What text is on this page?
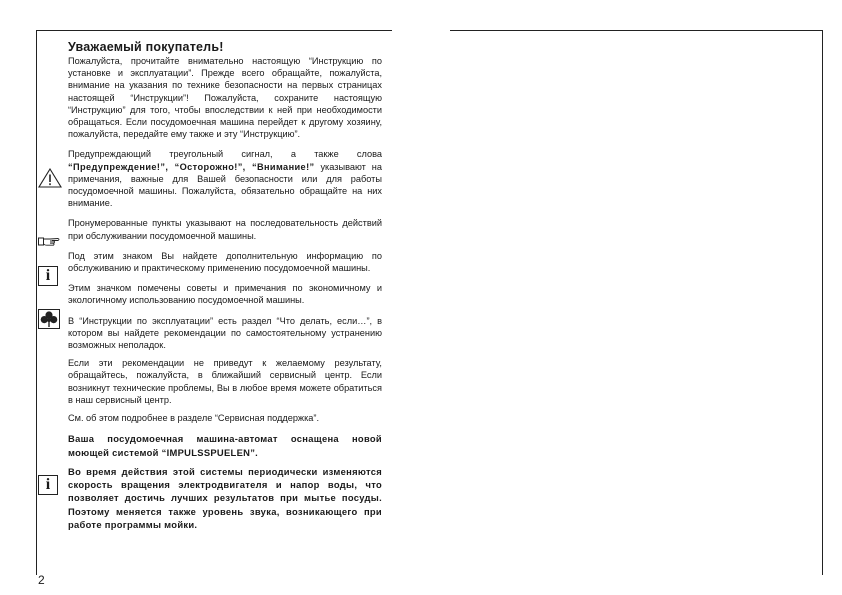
2
i
i
Уважаемый покупатель!

Пожалуйста, прочитайте внимательно настоящую “Инструкцию по установке и эксплуатации”. Прежде всего обращайте, пожалуйста, внимание на указания по технике безопасности на первых страницах настоящей “Инструкции”! Пожалуйста, сохраните настоящую “Инструкцию” для того, чтобы впоследствии к ней при необходимости обращаться. Если посудомоечная машина перейдет к другому хозяину, пожалуйста, передайте ему также и эту “Инструкцию”.

Предупреждающий треугольный сигнал, а также слова “Предупреждение!”, “Осторожно!”, “Внимание!” указывают на примечания, важные для Вашей безопасности или для работы посудомоечной машины. Пожалуйста, обязательно обращайте на них внимание.

Пронумерованные пункты указывают на последовательность действий при обслуживании посудомоечной машины.

Под этим знаком Вы найдете дополнительную информацию по обслуживанию и практическому применению посудомоечной машины.

Этим значком помечены советы и примечания по экономичному и экологичному использованию посудомоечной машины.

В “Инструкции по эксплуатации” есть раздел “Что делать, если…”, в котором вы найдете рекомендации по самостоятельному устранению возможных неполадок.

Если эти рекомендации не приведут к желаемому результату, обращайтесь, пожалуйста, в ближайший сервисный центр. Если возникнут технические проблемы, Вы в любое время можете обратиться в наш сервисный центр.

См. об этом подробнее в разделе “Сервисная поддержка”.

Ваша посудомоечная машина-автомат оснащена новой моющей системой “IMPULSSPUELEN”.

Во время действия этой системы периодически изменяются скорость вращения электродвигателя и напор воды, что позволяет достичь лучших результатов при мытье посуды. Поэтому меняется также уровень звука, возникающего при работе программы мойки.
